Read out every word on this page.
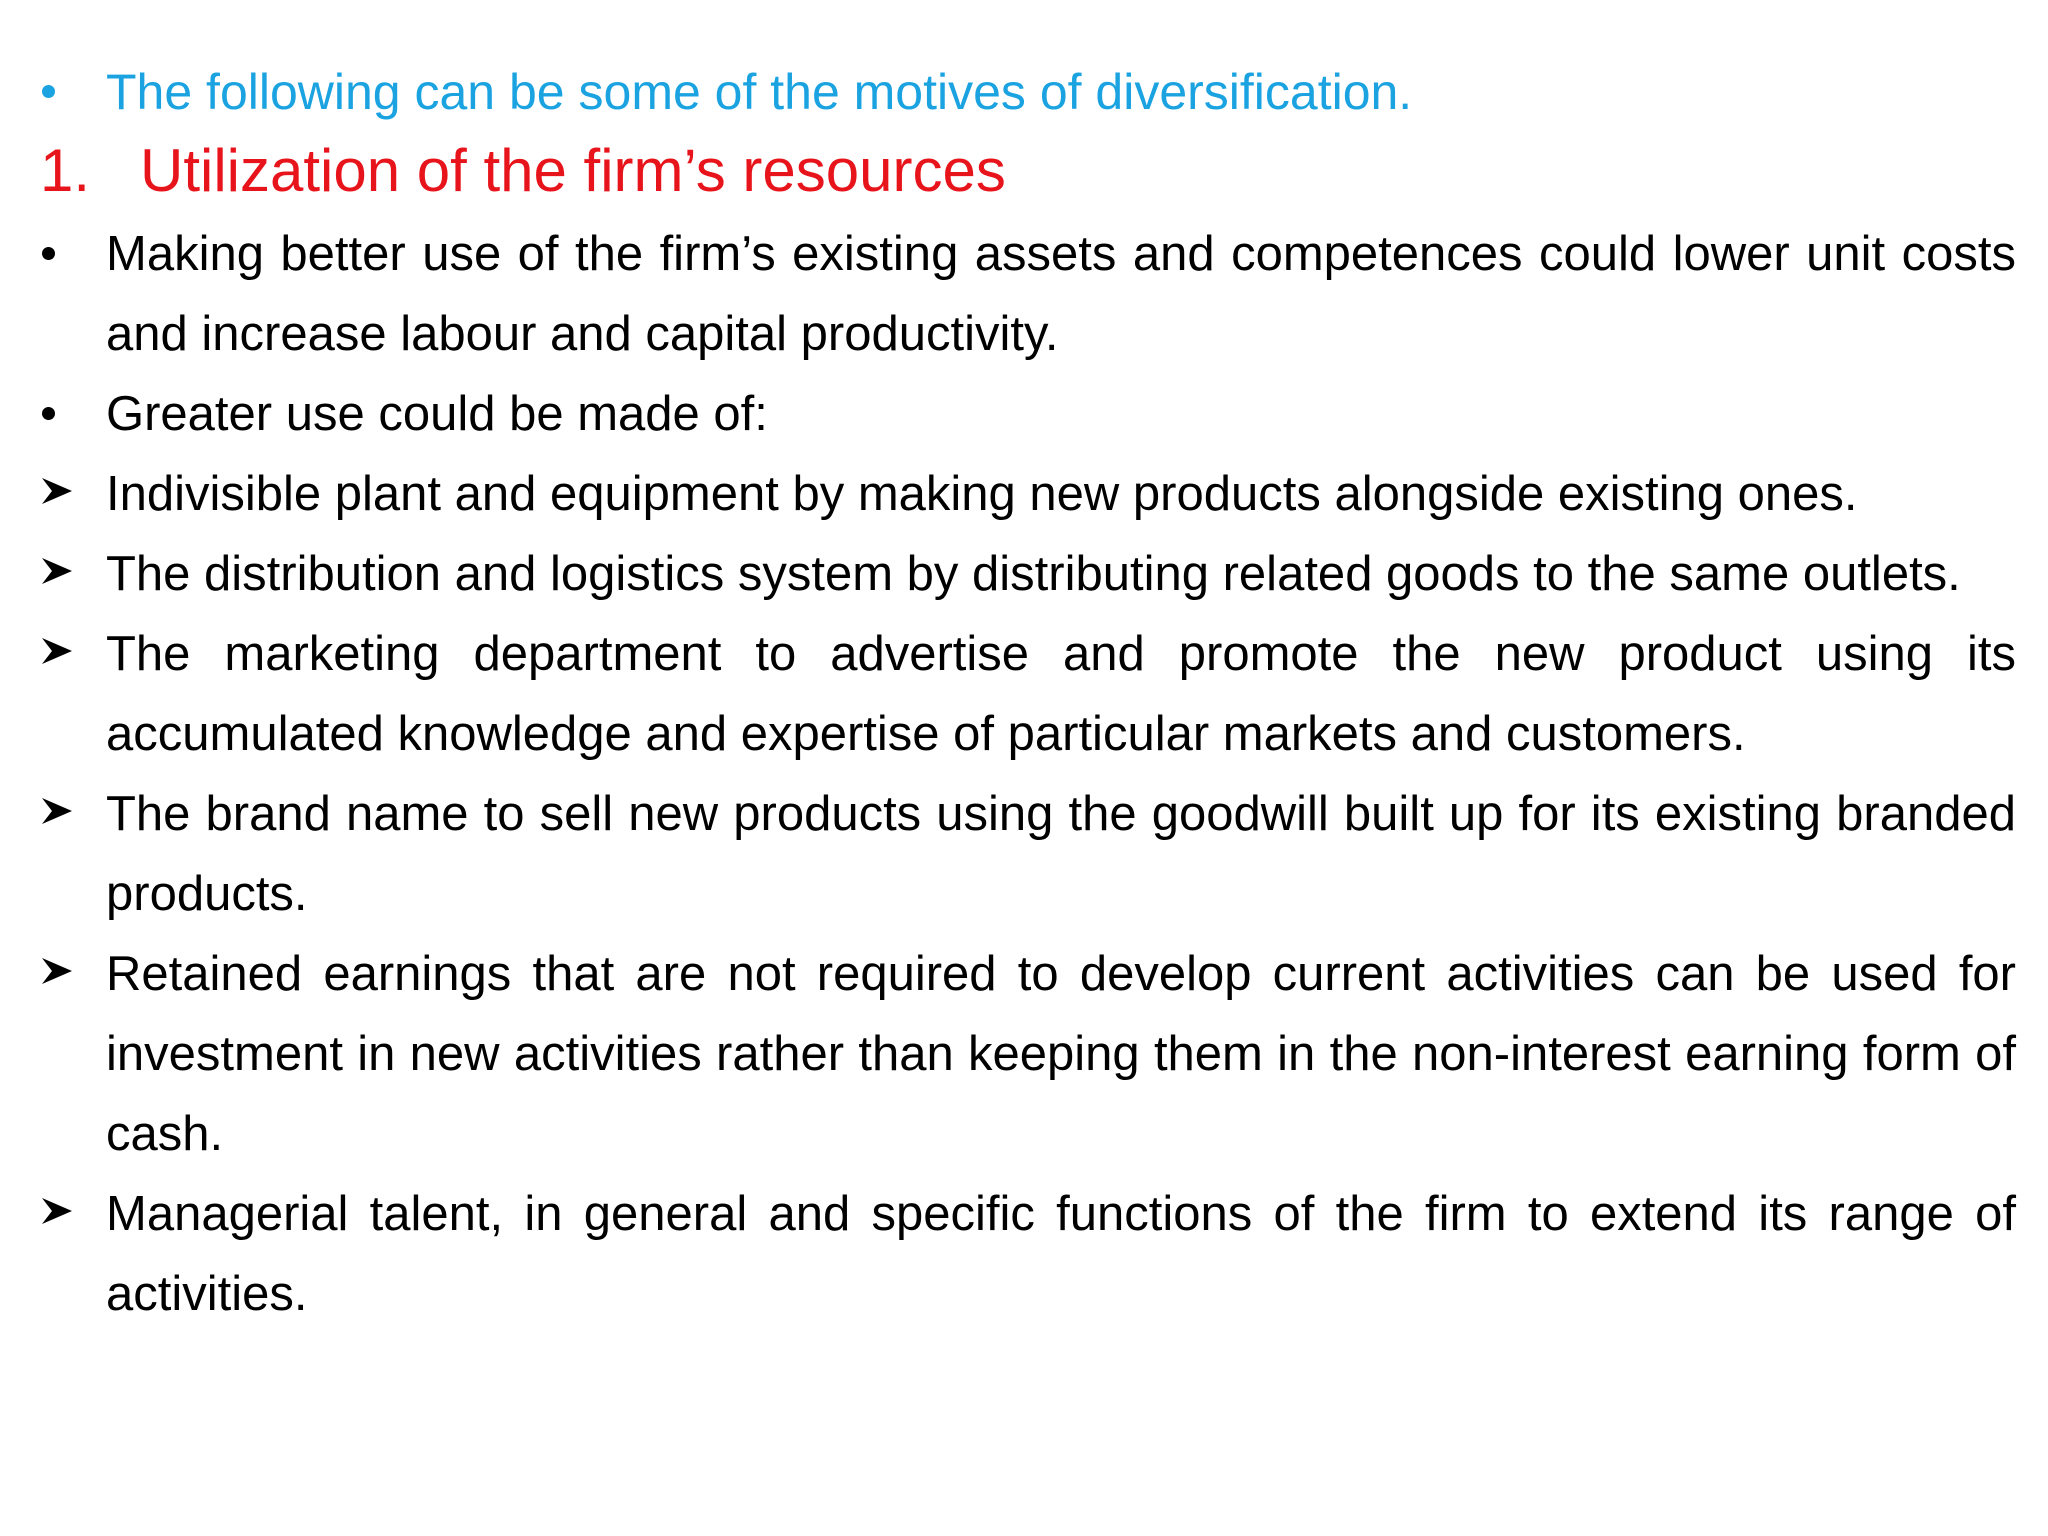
The following can be some of the motives of diversification.
1. Utilization of the firm’s resources
Making better use of the firm’s existing assets and competences could lower unit costs and increase labour and capital productivity.
Greater use could be made of:
Indivisible plant and equipment by making new products alongside existing ones.
The distribution and logistics system by distributing related goods to the same outlets.
The marketing department to advertise and promote the new product using its accumulated knowledge and expertise of particular markets and customers.
The brand name to sell new products using the goodwill built up for its existing branded products.
Retained earnings that are not required to develop current activities can be used for investment in new activities rather than keeping them in the non-interest earning form of cash.
Managerial talent, in general and specific functions of the firm to extend its range of activities.
